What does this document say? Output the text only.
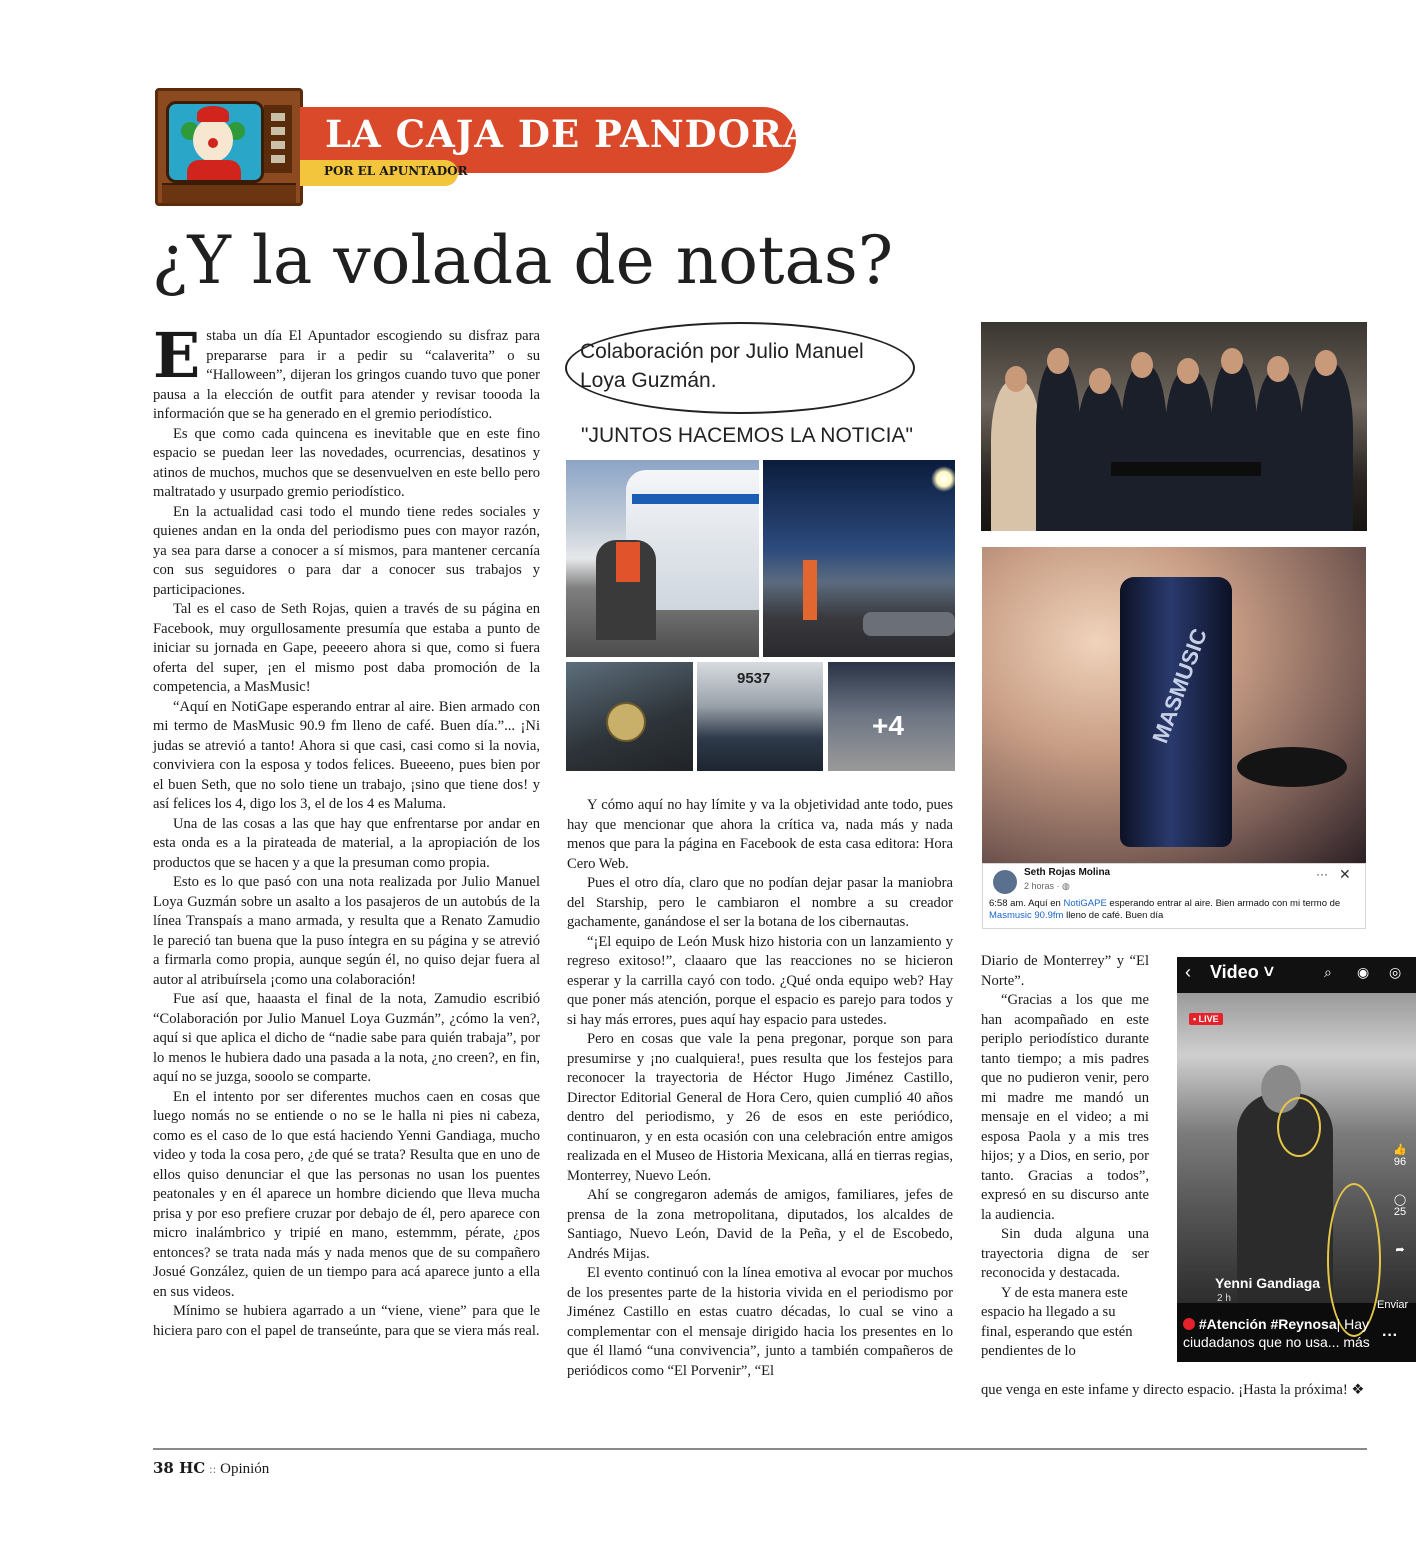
LA CAJA DE PANDORA
POR EL APUNTADOR
¿Y la volada de notas?

Estaba un día El Apuntador escogiendo su disfraz para prepararse para ir a pedir su “calaverita” o su “Halloween”, dijeran los gringos cuando tuvo que poner pausa a la elección de outfit para atender y revisar toooda la información que se ha generado en el gremio periodístico.

Es que como cada quincena es inevitable que en este fino espacio se puedan leer las novedades, ocurrencias, desatinos y atinos de muchos, muchos que se desenvuelven en este bello pero maltratado y usurpado gremio periodístico.

En la actualidad casi todo el mundo tiene redes sociales y quienes andan en la onda del periodismo pues con mayor razón, ya sea para darse a conocer a sí mismos, para mantener cercanía con sus seguidores o para dar a conocer sus trabajos y participaciones.

Tal es el caso de Seth Rojas, quien a través de su página en Facebook, muy orgullosamente presumía que estaba a punto de iniciar su jornada en Gape, peeeero ahora si que, como si fuera oferta del super, ¡en el mismo post daba promoción de la competencia, a MasMusic!

“Aquí en NotiGape esperando entrar al aire. Bien armado con mi termo de MasMusic 90.9 fm lleno de café. Buen día.”... ¡Ni judas se atrevió a tanto! Ahora si que casi, casi como si la novia, conviviera con la esposa y todos felices. Bueeeno, pues bien por el buen Seth, que no solo tiene un trabajo, ¡sino que tiene dos! y así felices los 4, digo los 3, el de los 4 es Maluma.

Una de las cosas a las que hay que enfrentarse por andar en esta onda es a la pirateada de material, a la apropiación de los productos que se hacen y a que la presuman como propia.

Esto es lo que pasó con una nota realizada por Julio Manuel Loya Guzmán sobre un asalto a los pasajeros de un autobús de la línea Transpaís a mano armada, y resulta que a Renato Zamudio le pareció tan buena que la puso íntegra en su página y se atrevió a firmarla como propia, aunque según él, no quiso dejar fuera al autor al atribuírsela ¡como una colaboración!

Fue así que, haaasta el final de la nota, Zamudio escribió “Colaboración por Julio Manuel Loya Guzmán”, ¿cómo la ven?, aquí si que aplica el dicho de “nadie sabe para quién trabaja”, por lo menos le hubiera dado una pasada a la nota, ¿no creen?, en fin, aquí no se juzga, sooolo se comparte.

En el intento por ser diferentes muchos caen en cosas que luego nomás no se entiende o no se le halla ni pies ni cabeza, como es el caso de lo que está haciendo Yenni Gandiaga, mucho video y toda la cosa pero, ¿de qué se trata? Resulta que en uno de ellos quiso denunciar el que las personas no usan los puentes peatonales y en él aparece un hombre diciendo que lleva mucha prisa y por eso prefiere cruzar por debajo de él, pero aparece con micro inalámbrico y tripié en mano, estemmm, pérate, ¿pos entonces? se trata nada más y nada menos que de su compañero Josué González, quien de un tiempo para acá aparece junto a ella en sus videos.

Mínimo se hubiera agarrado a un “viene, viene” para que le hiciera paro con el papel de transeúnte, para que se viera más real.

Colaboración por Julio Manuel Loya Guzmán.
"JUNTOS HACEMOS LA NOTICIA"
9537
+4

Y cómo aquí no hay límite y va la objetividad ante todo, pues hay que mencionar que ahora la crítica va, nada más y nada menos que para la página en Facebook de esta casa editora: Hora Cero Web.

Pues el otro día, claro que no podían dejar pasar la maniobra del Starship, pero le cambiaron el nombre a su creador gachamente, ganándose el ser la botana de los cibernautas.

“¡El equipo de León Musk hizo historia con un lanzamiento y regreso exitoso!”, claaaro que las reacciones no se hicieron esperar y la carrilla cayó con todo. ¿Qué onda equipo web? Hay que poner más atención, porque el espacio es parejo para todos y si hay más errores, pues aquí hay espacio para ustedes.

Pero en cosas que vale la pena pregonar, porque son para presumirse y ¡no cualquiera!, pues resulta que los festejos para reconocer la trayectoria de Héctor Hugo Jiménez Castillo, Director Editorial General de Hora Cero, quien cumplió 40 años dentro del periodismo, y 26 de esos en este periódico, continuaron, y en esta ocasión con una celebración entre amigos realizada en el Museo de Historia Mexicana, allá en tierras regias, Monterrey, Nuevo León.

Ahí se congregaron además de amigos, familiares, jefes de prensa de la zona metropolitana, diputados, los alcaldes de Santiago, Nuevo León, David de la Peña, y el de Escobedo, Andrés Mijas.

El evento continuó con la línea emotiva al evocar por muchos de los presentes parte de la historia vivida en el periodismo por Jiménez Castillo en estas cuatro décadas, lo cual se vino a complementar con el mensaje dirigido hacia los presentes en lo que él llamó “una convivencia”, junto a también compañeros de periódicos como “El Porvenir”, “El

MASMUSIC
Seth Rojas Molina
2 horas · ◍
··· ✕
6:58 am. Aquí en NotiGAPE esperando entrar al aire. Bien armado con mi termo de Masmusic 90.9fm lleno de café. Buen día

Diario de Monterrey” y “El Norte”.

“Gracias a los que me han acompañado en este periplo periodístico durante tanto tiempo; a mis padres que no pudieron venir, pero mi madre me mandó un mensaje en el video; a mi esposa Paola y a mis tres hijos; y a Dios, en serio, por tanto. Gracias a todos”, expresó en su discurso ante la audiencia.

Sin duda alguna una trayectoria digna de ser reconocida y destacada.

Y de esta manera este espacio ha llegado a su final, esperando que estén pendientes de lo

que venga en este infame y directo espacio. ¡Hasta la próxima! ❖

‹ Video ˅	⌕ ◉ ◎
• LIVE
👍
96
◯
25
➦
Yenni Gandiaga
2 h
Enviar
#Atención #Reynosa| Hay ciudadanos que no usa... más ···
38 HC :: Opinión
